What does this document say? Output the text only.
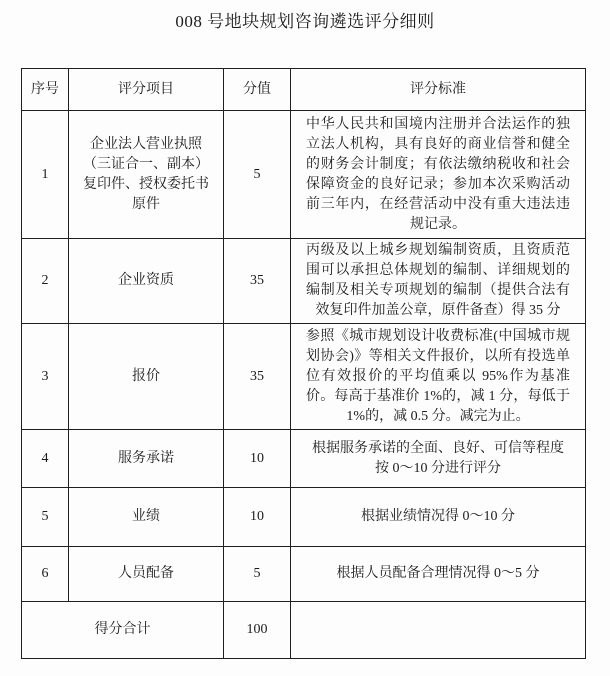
008 号地块规划咨询遴选评分细则
序号	评分项目	分值	评分标准
1	企业法人营业执照（三证合一、副本）复印件、授权委托书原件	5	中华人民共和国境内注册并合法运作的独立法人机构，具有良好的商业信誉和健全的财务会计制度；有依法缴纳税收和社会保障资金的良好记录；参加本次采购活动前三年内，在经营活动中没有重大违法违规记录。
2	企业资质	35	丙级及以上城乡规划编制资质，且资质范围可以承担总体规划的编制、详细规划的编制及相关专项规划的编制（提供合法有效复印件加盖公章，原件备查）得 35 分
3	报价	35	参照《城市规划设计收费标准(中国城市规划协会)》等相关文件报价，以所有投选单位有效报价的平均值乘以 95%作为基准价。每高于基准价 1%的，减 1 分，每低于 1%的，减 0.5 分。减完为止。
4	服务承诺	10	根据服务承诺的全面、良好、可信等程度按 0～10 分进行评分
5	业绩	10	根据业绩情况得 0～10 分
6	人员配备	5	根据人员配备合理情况得 0～5 分
得分合计		100	
